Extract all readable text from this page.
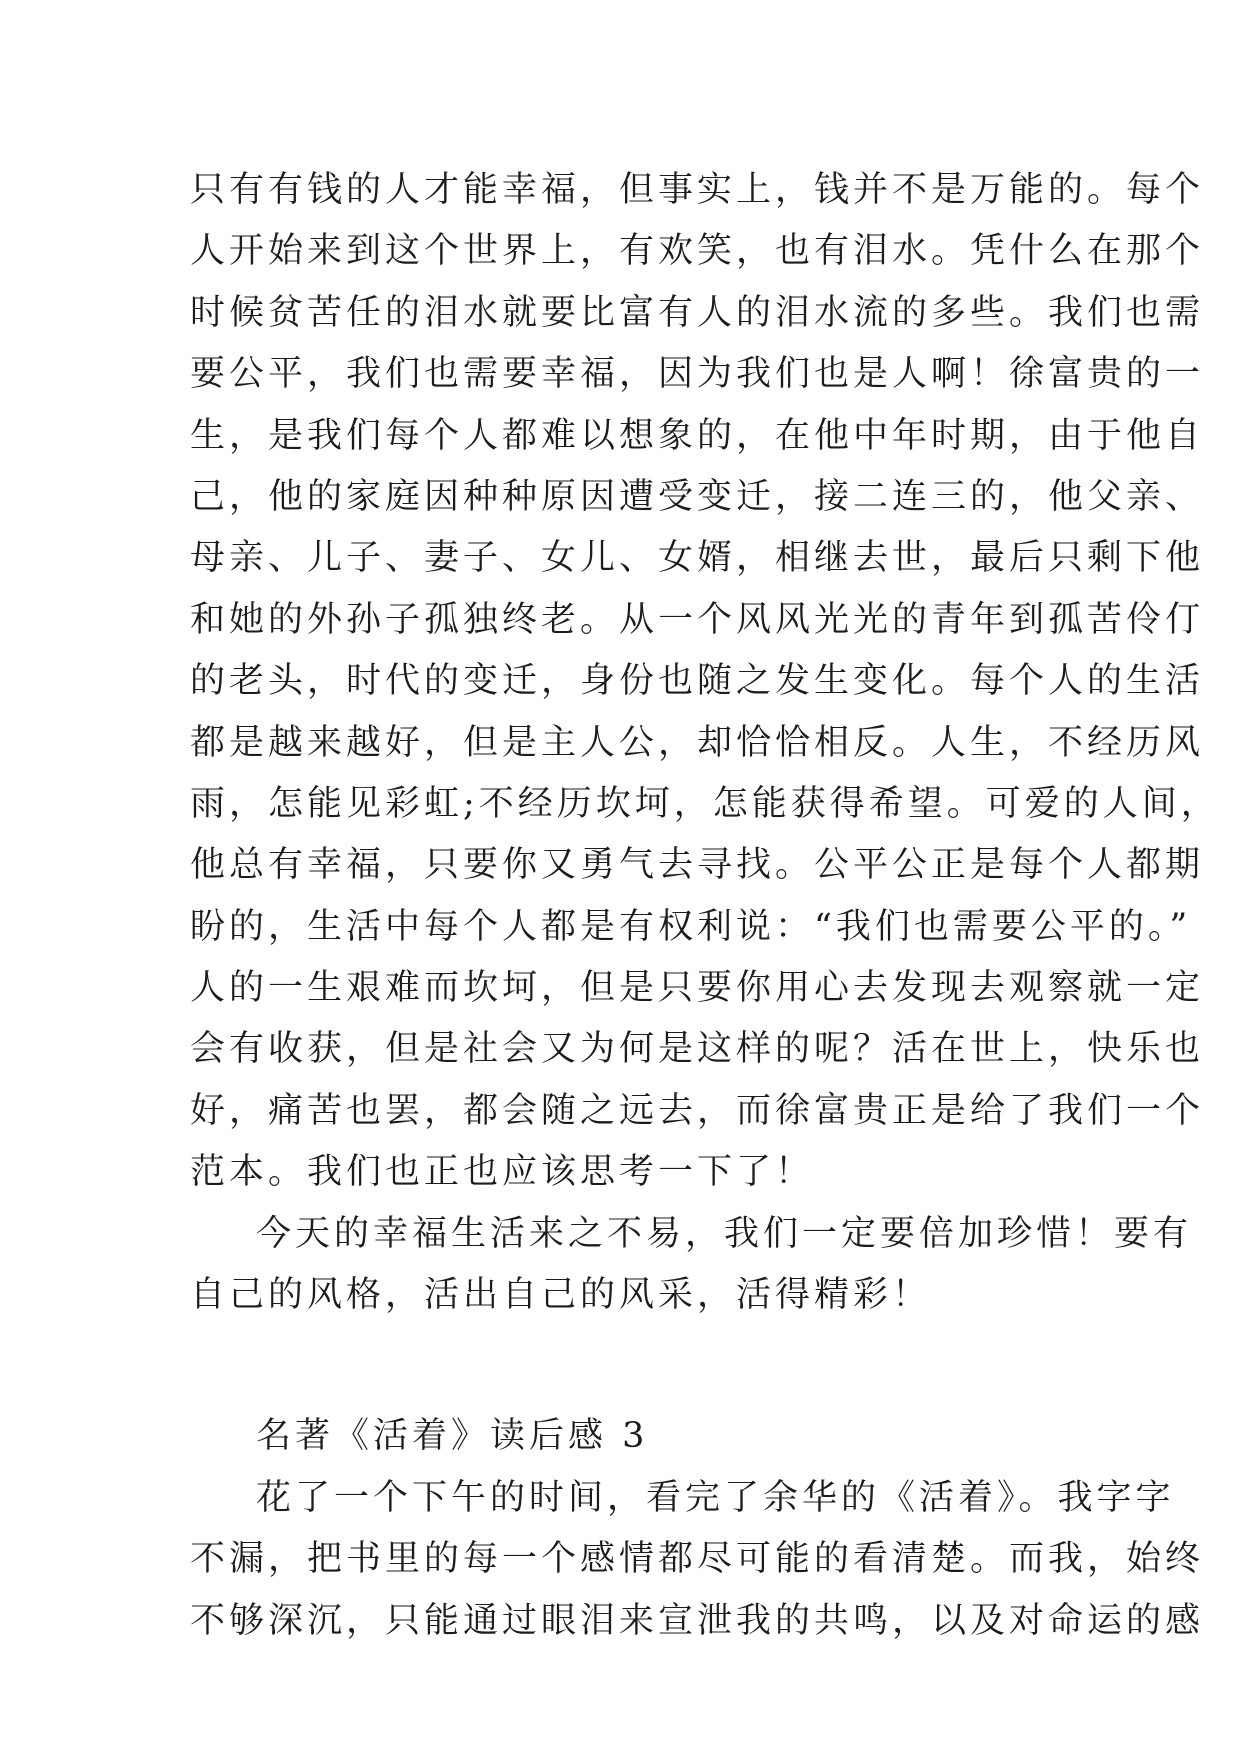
只有有钱的人才能幸福，但事实上，钱并不是万能的。每个
人开始来到这个世界上，有欢笑，也有泪水。凭什么在那个
时候贫苦任的泪水就要比富有人的泪水流的多些。我们也需
要公平，我们也需要幸福，因为我们也是人啊！徐富贵的一
生，是我们每个人都难以想象的，在他中年时期，由于他自
己，他的家庭因种种原因遭受变迁，接二连三的，他父亲、
母亲、儿子、妻子、女儿、女婿，相继去世，最后只剩下他
和她的外孙子孤独终老。从一个风风光光的青年到孤苦伶仃
的老头，时代的变迁，身份也随之发生变化。每个人的生活
都是越来越好，但是主人公，却恰恰相反。人生，不经历风
雨，怎能见彩虹;不经历坎坷，怎能获得希望。可爱的人间，
他总有幸福，只要你又勇气去寻找。公平公正是每个人都期
盼的，生活中每个人都是有权利说：“我们也需要公平的。”
人的一生艰难而坎坷，但是只要你用心去发现去观察就一定
会有收获，但是社会又为何是这样的呢？活在世上，快乐也
好，痛苦也罢，都会随之远去，而徐富贵正是给了我们一个
范本。我们也正也应该思考一下了！
今天的幸福生活来之不易，我们一定要倍加珍惜！要有
自己的风格，活出自己的风采，活得精彩！
名著《活着》读后感 3
花了一个下午的时间，看完了余华的《活着》。我字字
不漏，把书里的每一个感情都尽可能的看清楚。而我，始终
不够深沉，只能通过眼泪来宣泄我的共鸣，以及对命运的感
